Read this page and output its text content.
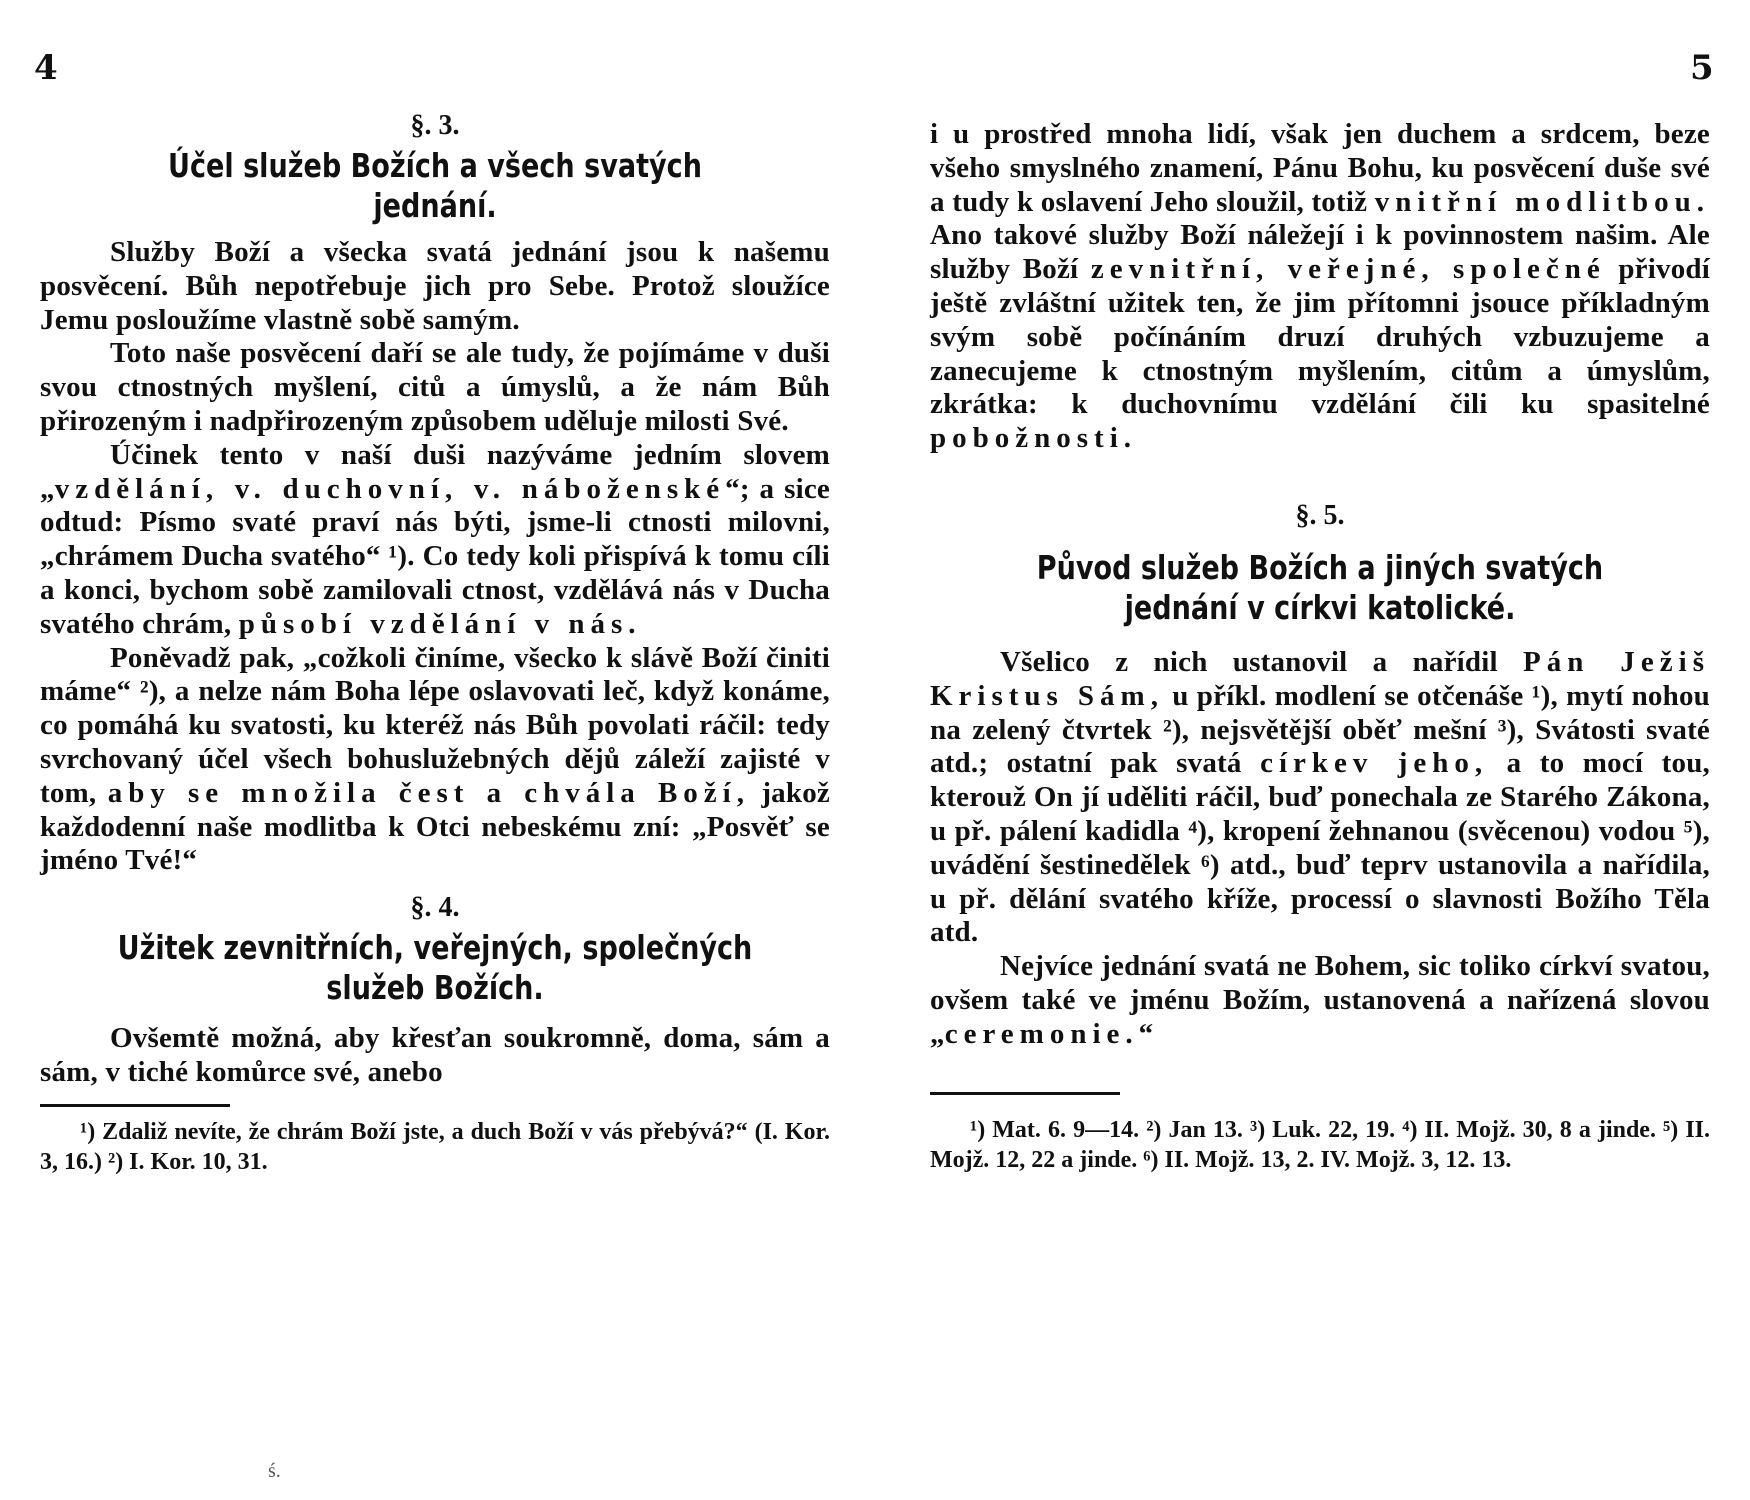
4

§. 3.

Účel služeb Božích a všech svatých jednání.

Služby Boží a všecka svatá jednání jsou k našemu posvěcení. Bůh nepotřebuje jich pro Sebe. Protož sloužíce Jemu posloužíme vlastně sobě samým.

Toto naše posvěcení daří se ale tudy, že pojímáme v duši svou ctnostných myšlení, citů a úmyslů, a že nám Bůh přirozeným i nadpřirozeným způsobem uděluje milosti Své.

Účinek tento v naší duši nazýváme jedním slovem „vzdělání, v. duchovní, v. náboženské“; a sice odtud: Písmo svaté praví nás býti, jsme-li ctnosti milovni, „chrámem Ducha svatého“ ¹). Co tedy koli přispívá k tomu cíli a konci, bychom sobě zamilovali ctnost, vzdělává nás v Ducha svatého chrám, působí vzdělání v nás.

Poněvadž pak, „cožkoli činíme, všecko k slávě Boží činiti máme“ ²), a nelze nám Boha lépe oslavovati leč, když konáme, co pomáhá ku svatosti, ku kteréž nás Bůh povolati ráčil: tedy svrchovaný účel všech bohuslužebných dějů záleží zajisté v tom, aby se množila čest a chvála Boží, jakož každodenní naše modlitba k Otci nebeskému zní: „Posvěť se jméno Tvé!“

§. 4.

Užitek zevnitřních, veřejných, společných služeb Božích.

Ovšemtě možná, aby křesťan soukromně, doma, sám a sám, v tiché komůrce své, anebo

¹) Zdaliž nevíte, že chrám Boží jste, a duch Boží v vás přebývá?“ (I. Kor. 3, 16.) ²) I. Kor. 10, 31.

ś.
5

i u prostřed mnoha lidí, však jen duchem a srdcem, beze všeho smyslného znamení, Pánu Bohu, ku posvěcení duše své a tudy k oslavení Jeho sloužil, totiž vnitřní modlitbou. Ano takové služby Boží náležejí i k povinnostem našim. Ale služby Boží zevnitřní, veřejné, společné přivodí ještě zvláštní užitek ten, že jim přítomni jsouce příkladným svým sobě počínáním druzí druhých vzbuzujeme a zanecujeme k ctnostným myšlením, citům a úmyslům, zkrátka: k duchovnímu vzdělání čili ku spasitelné pobožnosti.

§. 5.

Původ služeb Božích a jiných svatých jednání v církvi katolické.

Všelico z nich ustanovil a nařídil Pán Ježiš Kristus Sám, u příkl. modlení se otčenáše ¹), mytí nohou na zelený čtvrtek ²), nejsvětější oběť mešní ³), Svátosti svaté atd.; ostatní pak svatá církev jeho, a to mocí tou, kterouž On jí uděliti ráčil, buď ponechala ze Starého Zákona, u př. pálení kadidla ⁴), kropení žehnanou (svěcenou) vodou ⁵), uvádění šestinedělek ⁶) atd., buď teprv ustanovila a nařídila, u př. dělání svatého kříže, processí o slavnosti Božího Těla atd.

Nejvíce jednání svatá ne Bohem, sic toliko církví svatou, ovšem také ve jménu Božím, ustanovená a nařízená slovou „ceremonie.“

¹) Mat. 6. 9—14. ²) Jan 13. ³) Luk. 22, 19. ⁴) II. Mojž. 30, 8 a jinde. ⁵) II. Mojž. 12, 22 a jinde. ⁶) II. Mojž. 13, 2. IV. Mojž. 3, 12. 13.
